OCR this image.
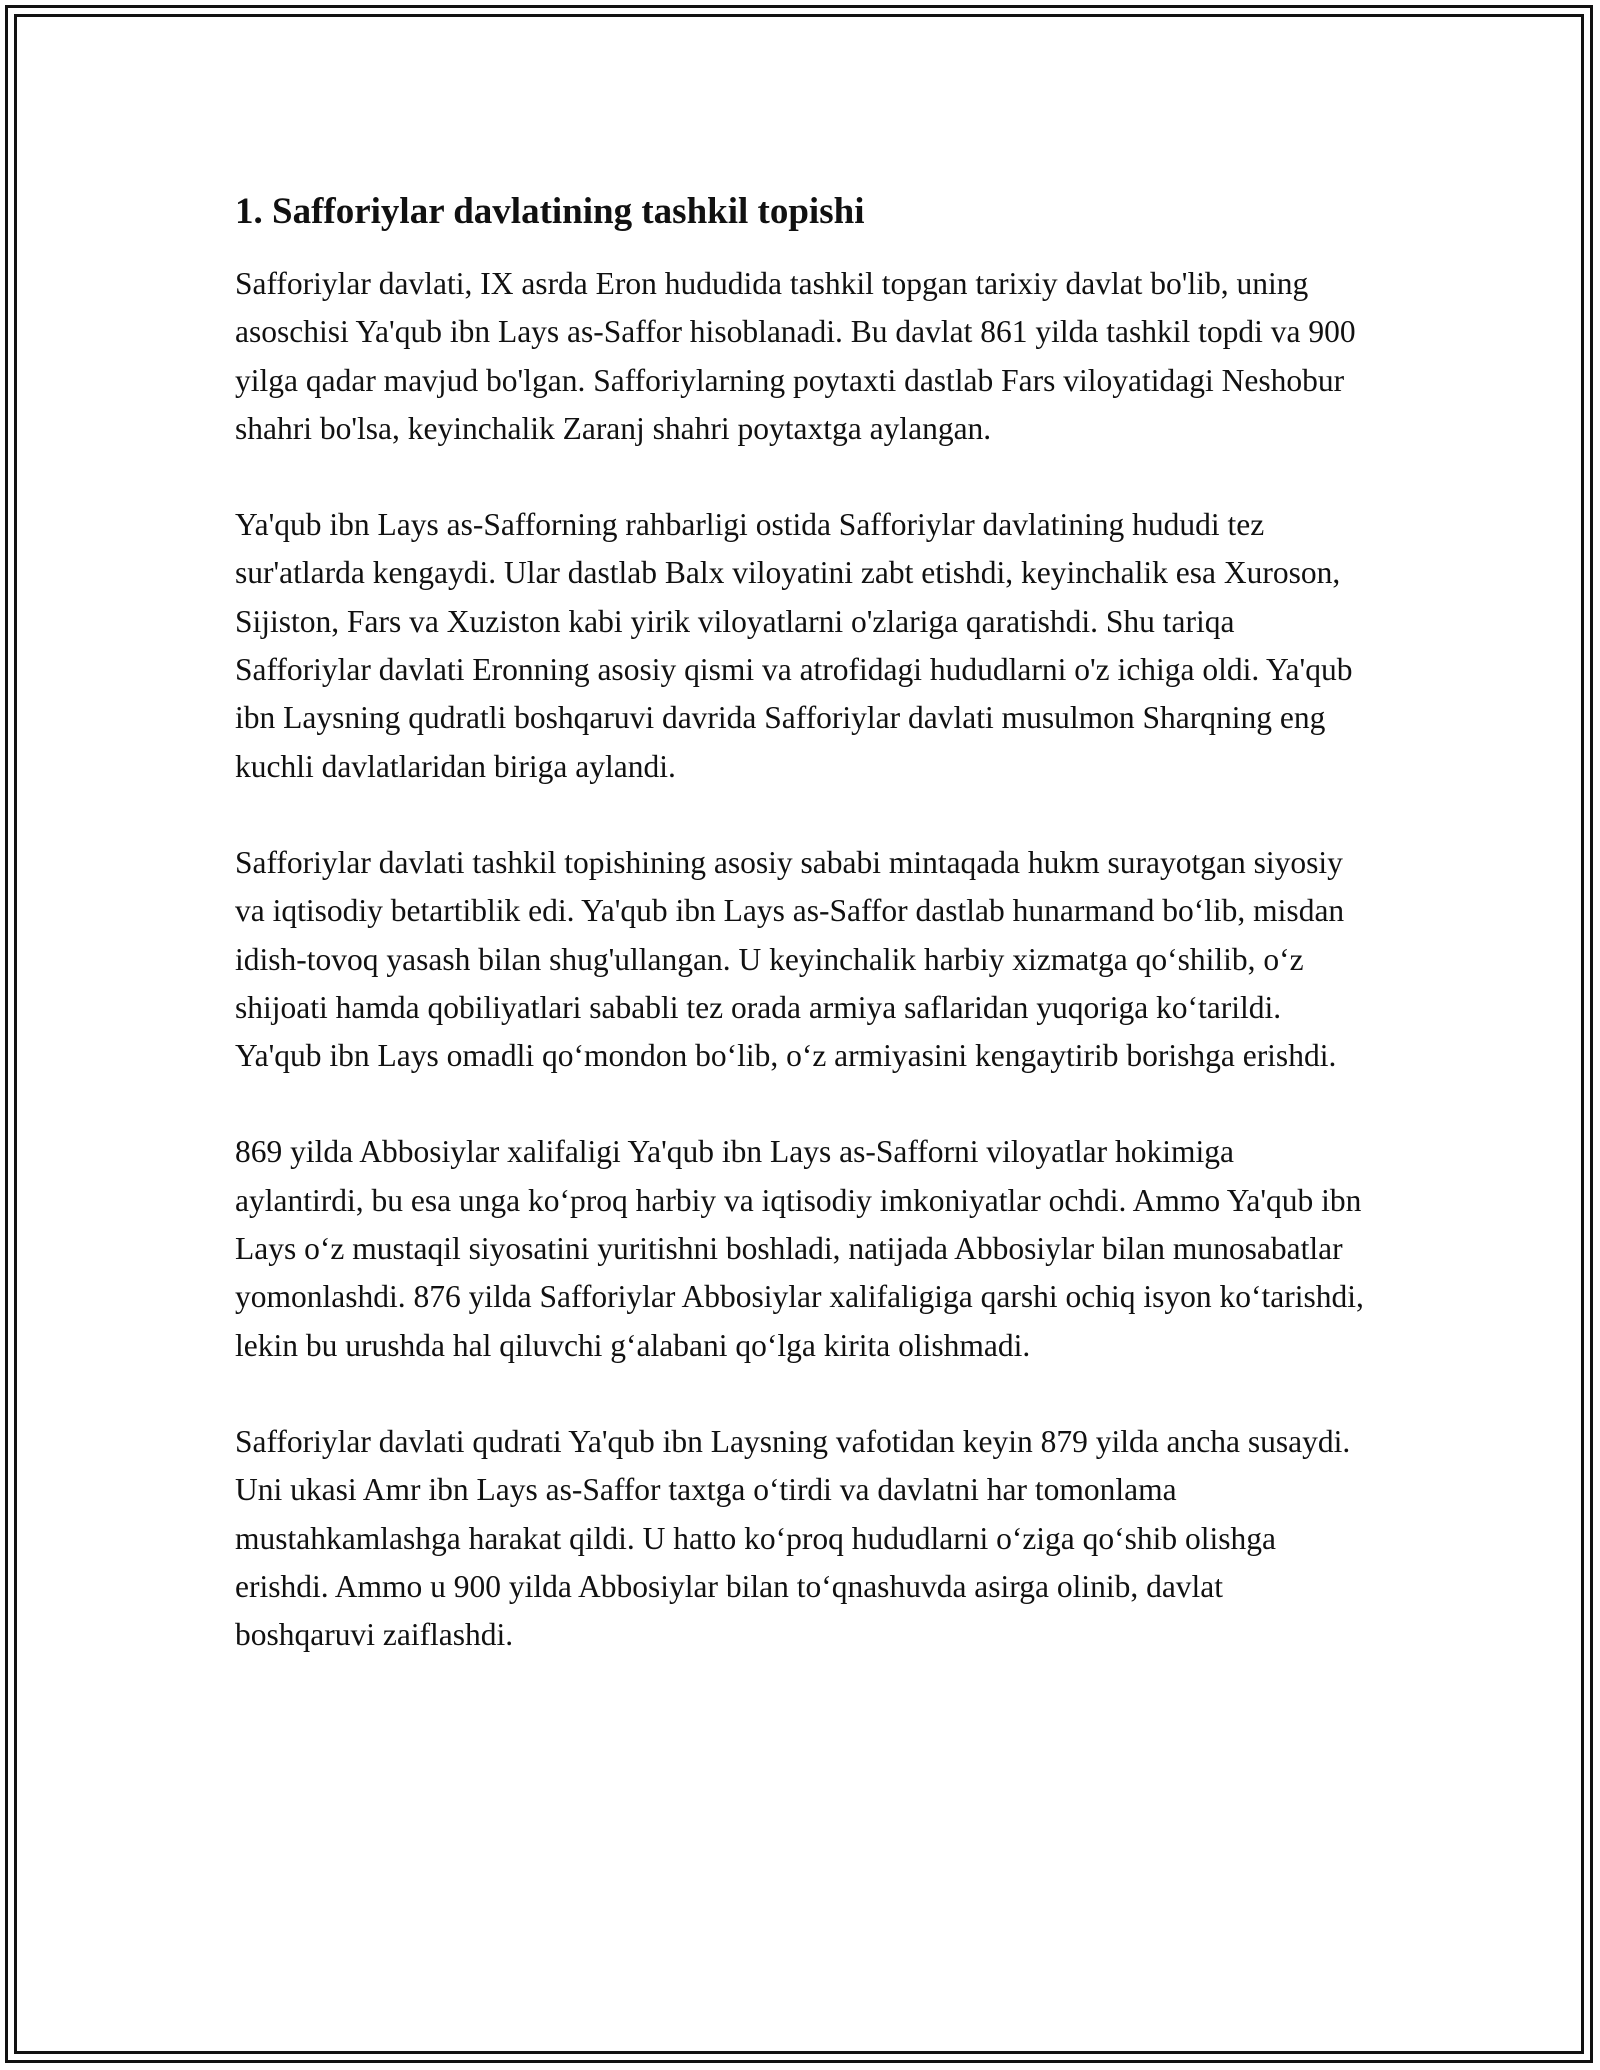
1. Safforiylar davlatining tashkil topishi

Safforiylar davlati, IX asrda Eron hududida tashkil topgan tarixiy davlat bo'lib, uning asoschisi Ya'qub ibn Lays as-Saffor hisoblanadi. Bu davlat 861 yilda tashkil topdi va 900 yilga qadar mavjud bo'lgan. Safforiylarning poytaxti dastlab Fars viloyatidagi Neshobur shahri bo'lsa, keyinchalik Zaranj shahri poytaxtga aylangan.

Ya'qub ibn Lays as-Safforning rahbarligi ostida Safforiylar davlatining hududi tez sur'atlarda kengaydi. Ular dastlab Balx viloyatini zabt etishdi, keyinchalik esa Xuroson, Sijiston, Fars va Xuziston kabi yirik viloyatlarni o'zlariga qaratishdi. Shu tariqa Safforiylar davlati Eronning asosiy qismi va atrofidagi hududlarni o'z ichiga oldi. Ya'qub ibn Laysning qudratli boshqaruvi davrida Safforiylar davlati musulmon Sharqning eng kuchli davlatlaridan biriga aylandi.

Safforiylar davlati tashkil topishining asosiy sababi mintaqada hukm surayotgan siyosiy va iqtisodiy betartiblik edi. Ya'qub ibn Lays as-Saffor dastlab hunarmand bo‘lib, misdan idish-tovoq yasash bilan shug'ullangan. U keyinchalik harbiy xizmatga qo‘shilib, o‘z shijoati hamda qobiliyatlari sababli tez orada armiya saflaridan yuqoriga ko‘tarildi. Ya'qub ibn Lays omadli qo‘mondon bo‘lib, o‘z armiyasini kengaytirib borishga erishdi.

869 yilda Abbosiylar xalifaligi Ya'qub ibn Lays as-Safforni viloyatlar hokimiga aylantirdi, bu esa unga ko‘proq harbiy va iqtisodiy imkoniyatlar ochdi. Ammo Ya'qub ibn Lays o‘z mustaqil siyosatini yuritishni boshladi, natijada Abbosiylar bilan munosabatlar yomonlashdi. 876 yilda Safforiylar Abbosiylar xalifaligiga qarshi ochiq isyon ko‘tarishdi, lekin bu urushda hal qiluvchi g‘alabani qo‘lga kirita olishmadi.

Safforiylar davlati qudrati Ya'qub ibn Laysning vafotidan keyin 879 yilda ancha susaydi. Uni ukasi Amr ibn Lays as-Saffor taxtga o‘tirdi va davlatni har tomonlama mustahkamlashga harakat qildi. U hatto ko‘proq hududlarni o‘ziga qo‘shib olishga erishdi. Ammo u 900 yilda Abbosiylar bilan to‘qnashuvda asirga olinib, davlat boshqaruvi zaiflashdi.
